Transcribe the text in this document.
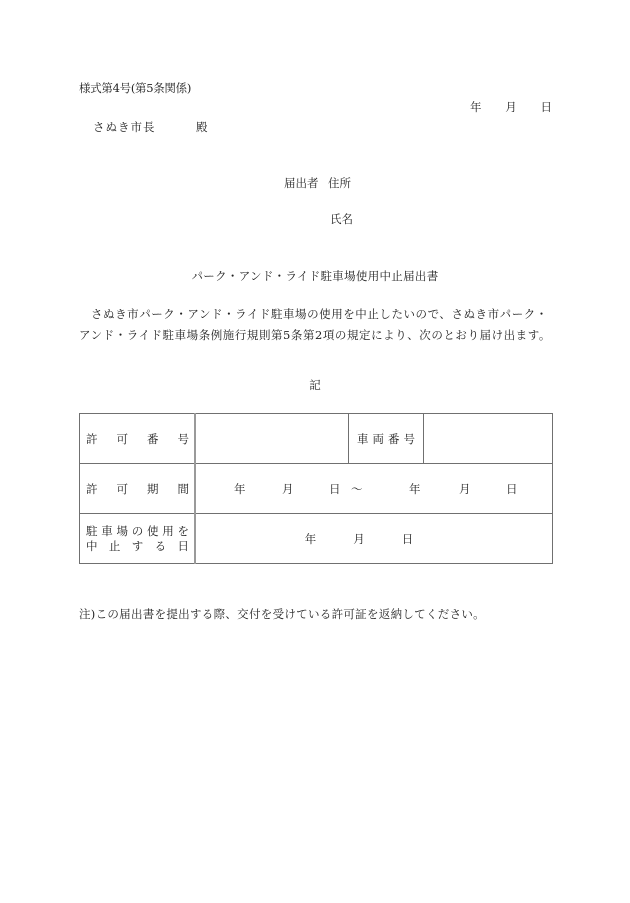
様式第4号(第5条関係)
年 月 日
さぬき市長	殿
届出者 住所
氏名
パーク・アンド・ライド駐車場使用中止届出書
さぬき市パーク・アンド・ライド駐車場の使用を中止したいので、さぬき市パーク・アンド・ライド駐車場条例施行規則第5条第2項の規定により、次のとおり届け出ます。
記
許 可 番 号		車 両 番 号	

許 可 期 間	年	月	日 ～	年	月	日

駐 車 場 の 使 用 を
中 止 す る 日	年	月	日
注)この届出書を提出する際、交付を受けている許可証を返納してください。
